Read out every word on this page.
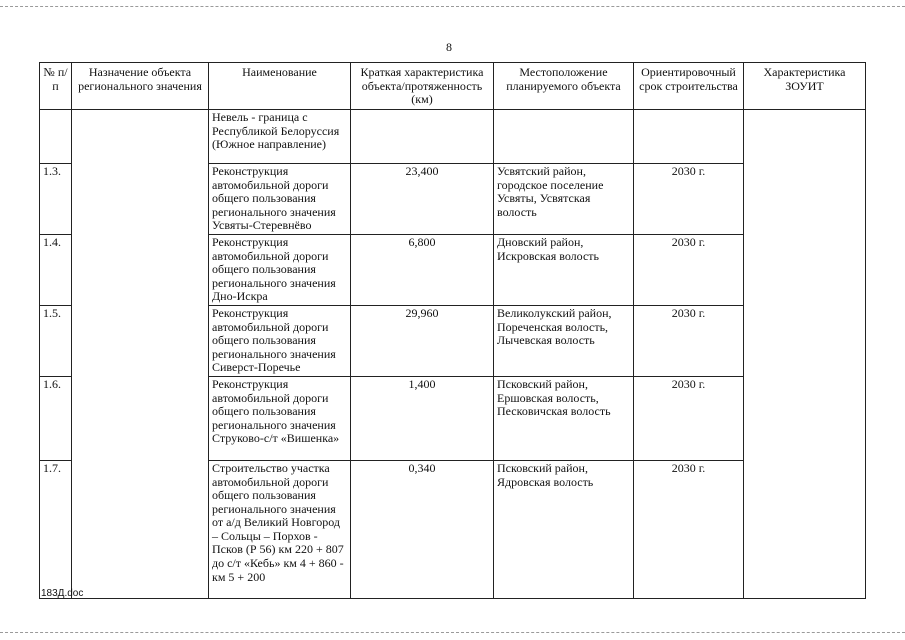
8
№ п/п	Назначение объекта регионального значения	Наименование	Краткая характеристика объекта/протяженность (км)	Местоположение планируемого объекта	Ориентировочный срок строительства	Характеристика ЗОУИТ
		Невель - граница с Республикой Белоруссия (Южное направление)				
1.3.		Реконструкция автомобильной дороги общего пользования регионального значения Усвяты-Стеревнёво	23,400	Усвятский район, городское поселение Усвяты, Усвятская волость	2030 г.	
1.4.		Реконструкция автомобильной дороги общего пользования регионального значения Дно-Искра	6,800	Дновский район, Искровская волость	2030 г.	
1.5.		Реконструкция автомобильной дороги общего пользования регионального значения Сиверст-Поречье	29,960	Великолукский район, Пореченская волость, Лычевская волость	2030 г.	
1.6.		Реконструкция автомобильной дороги общего пользования регионального значения Струково-с/т «Вишенка»	1,400	Псковский район, Ершовская волость, Песковичская волость	2030 г.	
1.7.		Строительство участка автомобильной дороги общего пользования регионального значения от а/д Великий Новгород – Сольцы – Порхов - Псков (Р 56) км 220 + 807 до с/т «Кебь» км 4 + 860 - км 5 + 200	0,340	Псковский район, Ядровская волость	2030 г.	
183Д.doc
